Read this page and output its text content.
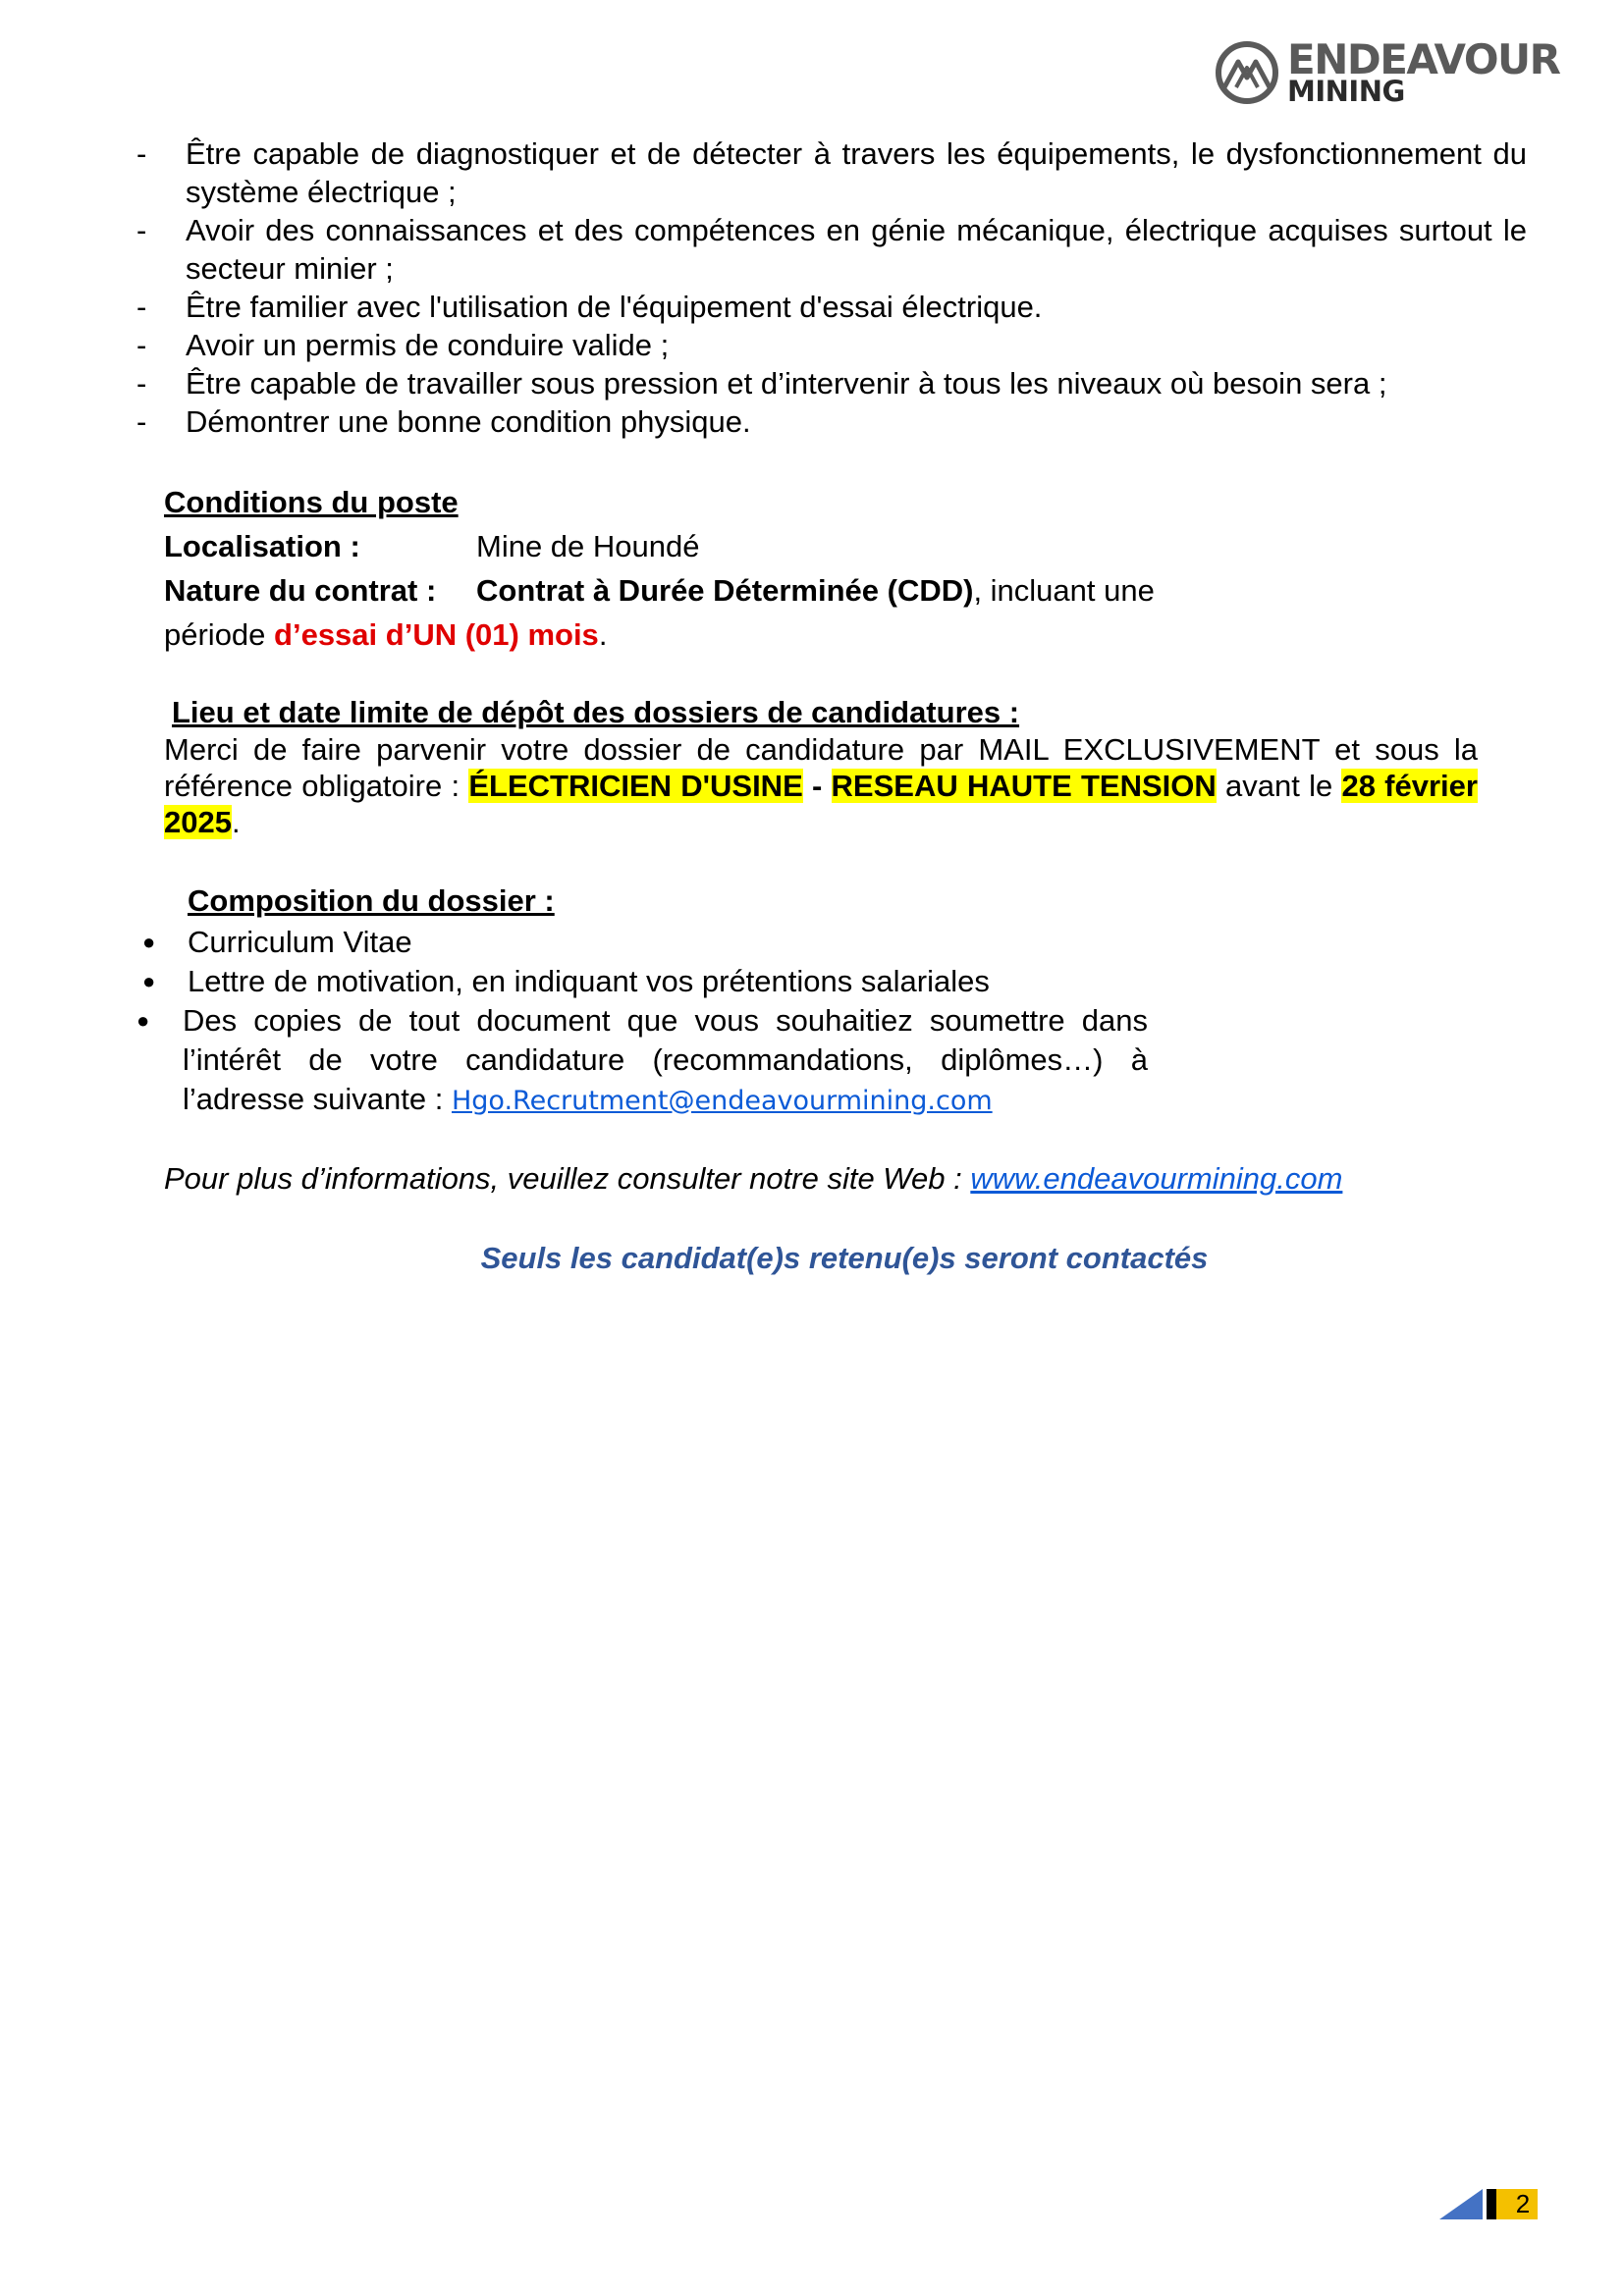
ENDEAVOUR
MINING
- Être capable de diagnostiquer et de détecter à travers les équipements, le dysfonctionnement du système électrique ;
- Avoir des connaissances et des compétences en génie mécanique, électrique acquises surtout le secteur minier ;
- Être familier avec l'utilisation de l'équipement d'essai électrique.
- Avoir un permis de conduire valide ;
- Être capable de travailler sous pression et d’intervenir à tous les niveaux où besoin sera ;
- Démontrer une bonne condition physique.
Conditions du poste
Localisation :	Mine de Houndé
Nature du contrat :	Contrat à Durée Déterminée (CDD), incluant une
période d’essai d’UN (01) mois.
Lieu et date limite de dépôt des dossiers de candidatures :
Merci de faire parvenir votre dossier de candidature par MAIL EXCLUSIVEMENT et sous la référence obligatoire : ÉLECTRICIEN D'USINE - RESEAU HAUTE TENSION avant le 28 février 2025.
Composition du dossier :
● Curriculum Vitae
● Lettre de motivation, en indiquant vos prétentions salariales
● Des copies de tout document que vous souhaitiez soumettre dans l’intérêt de votre candidature (recommandations, diplômes…) à l’adresse suivante : Hgo.Recrutment@endeavourmining.com
Pour plus d’informations, veuillez consulter notre site Web : www.endeavourmining.com
Seuls les candidat(e)s retenu(e)s seront contactés
2
